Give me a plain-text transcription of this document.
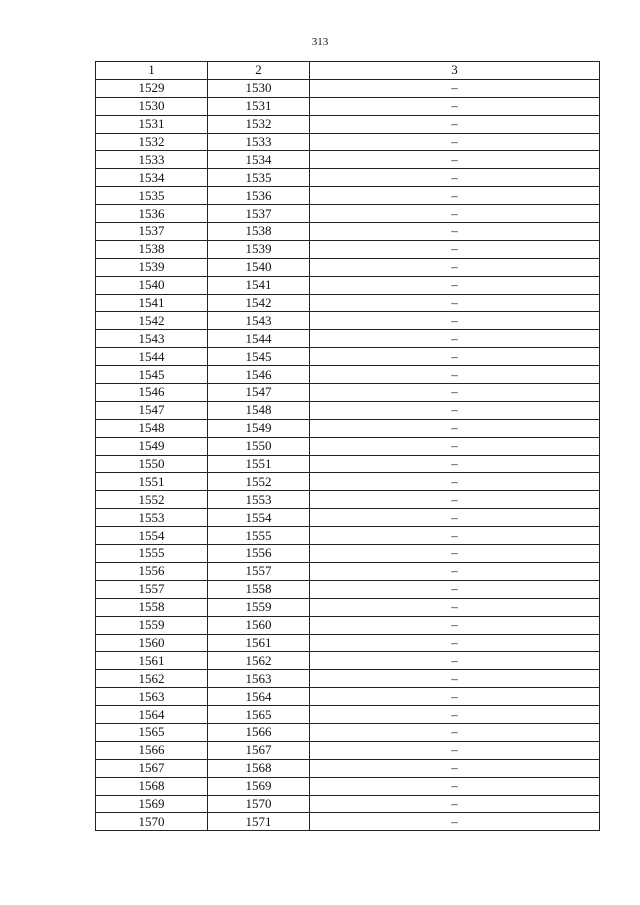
313
1	2	3
1529	1530	–
1530	1531	–
1531	1532	–
1532	1533	–
1533	1534	–
1534	1535	–
1535	1536	–
1536	1537	–
1537	1538	–
1538	1539	–
1539	1540	–
1540	1541	–
1541	1542	–
1542	1543	–
1543	1544	–
1544	1545	–
1545	1546	–
1546	1547	–
1547	1548	–
1548	1549	–
1549	1550	–
1550	1551	–
1551	1552	–
1552	1553	–
1553	1554	–
1554	1555	–
1555	1556	–
1556	1557	–
1557	1558	–
1558	1559	–
1559	1560	–
1560	1561	–
1561	1562	–
1562	1563	–
1563	1564	–
1564	1565	–
1565	1566	–
1566	1567	–
1567	1568	–
1568	1569	–
1569	1570	–
1570	1571	–
